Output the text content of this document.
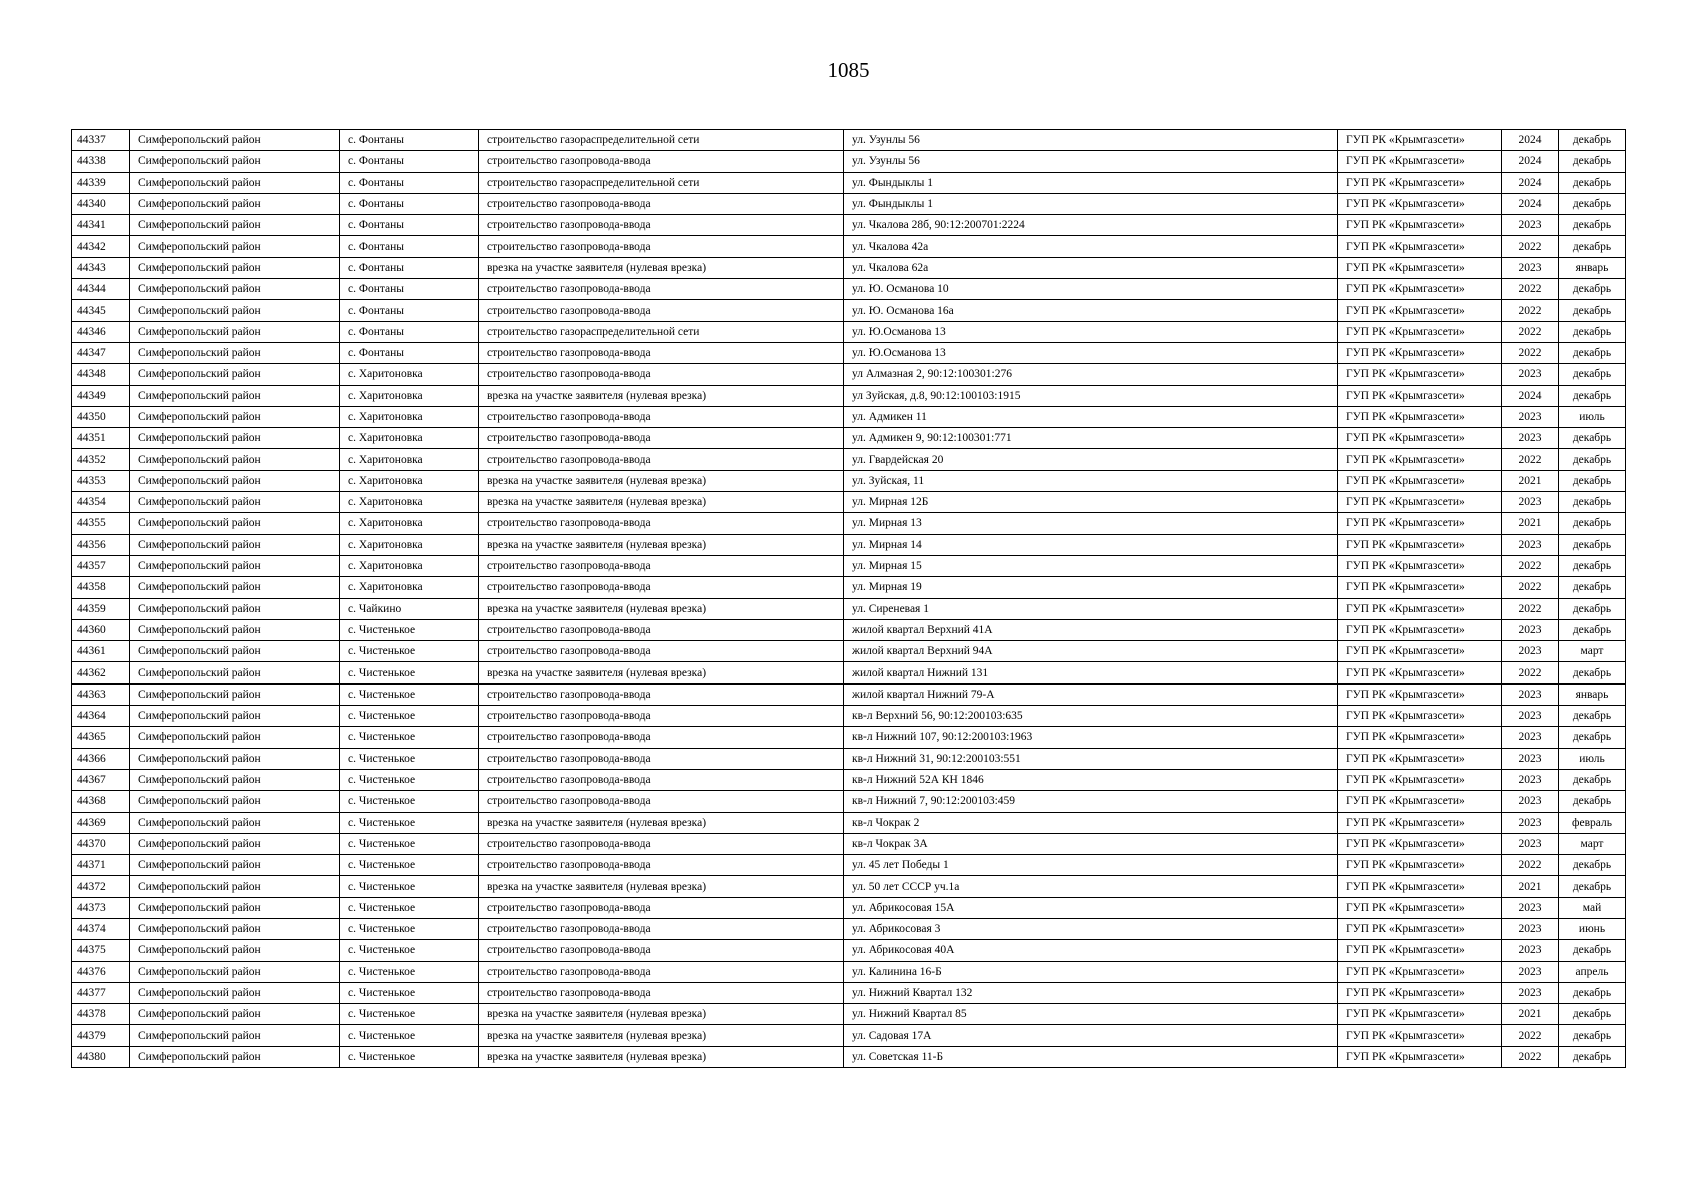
1085
44337	Симферопольский район	с. Фонтаны	строительство газораспределительной сети	ул. Узунлы 56	ГУП РК «Крымгазсети»	2024	декабрь
44338	Симферопольский район	с. Фонтаны	строительство газопровода-ввода	ул. Узунлы 56	ГУП РК «Крымгазсети»	2024	декабрь
44339	Симферопольский район	с. Фонтаны	строительство газораспределительной сети	ул. Фындыклы 1	ГУП РК «Крымгазсети»	2024	декабрь
44340	Симферопольский район	с. Фонтаны	строительство газопровода-ввода	ул. Фындыклы 1	ГУП РК «Крымгазсети»	2024	декабрь
44341	Симферопольский район	с. Фонтаны	строительство газопровода-ввода	ул. Чкалова 28б, 90:12:200701:2224	ГУП РК «Крымгазсети»	2023	декабрь
44342	Симферопольский район	с. Фонтаны	строительство газопровода-ввода	ул. Чкалова 42а	ГУП РК «Крымгазсети»	2022	декабрь
44343	Симферопольский район	с. Фонтаны	врезка на участке заявителя (нулевая врезка)	ул. Чкалова 62а	ГУП РК «Крымгазсети»	2023	январь
44344	Симферопольский район	с. Фонтаны	строительство газопровода-ввода	ул. Ю. Османова 10	ГУП РК «Крымгазсети»	2022	декабрь
44345	Симферопольский район	с. Фонтаны	строительство газопровода-ввода	ул. Ю. Османова 16а	ГУП РК «Крымгазсети»	2022	декабрь
44346	Симферопольский район	с. Фонтаны	строительство газораспределительной сети	ул. Ю.Османова 13	ГУП РК «Крымгазсети»	2022	декабрь
44347	Симферопольский район	с. Фонтаны	строительство газопровода-ввода	ул. Ю.Османова 13	ГУП РК «Крымгазсети»	2022	декабрь
44348	Симферопольский район	с. Харитоновка	строительство газопровода-ввода	ул Алмазная 2, 90:12:100301:276	ГУП РК «Крымгазсети»	2023	декабрь
44349	Симферопольский район	с. Харитоновка	врезка на участке заявителя (нулевая врезка)	ул Зуйская, д.8, 90:12:100103:1915	ГУП РК «Крымгазсети»	2024	декабрь
44350	Симферопольский район	с. Харитоновка	строительство газопровода-ввода	ул. Адмикен 11	ГУП РК «Крымгазсети»	2023	июль
44351	Симферопольский район	с. Харитоновка	строительство газопровода-ввода	ул. Адмикен 9, 90:12:100301:771	ГУП РК «Крымгазсети»	2023	декабрь
44352	Симферопольский район	с. Харитоновка	строительство газопровода-ввода	ул. Гвардейская 20	ГУП РК «Крымгазсети»	2022	декабрь
44353	Симферопольский район	с. Харитоновка	врезка на участке заявителя (нулевая врезка)	ул. Зуйская, 11	ГУП РК «Крымгазсети»	2021	декабрь
44354	Симферопольский район	с. Харитоновка	врезка на участке заявителя (нулевая врезка)	ул. Мирная 12Б	ГУП РК «Крымгазсети»	2023	декабрь
44355	Симферопольский район	с. Харитоновка	строительство газопровода-ввода	ул. Мирная 13	ГУП РК «Крымгазсети»	2021	декабрь
44356	Симферопольский район	с. Харитоновка	врезка на участке заявителя (нулевая врезка)	ул. Мирная 14	ГУП РК «Крымгазсети»	2023	декабрь
44357	Симферопольский район	с. Харитоновка	строительство газопровода-ввода	ул. Мирная 15	ГУП РК «Крымгазсети»	2022	декабрь
44358	Симферопольский район	с. Харитоновка	строительство газопровода-ввода	ул. Мирная 19	ГУП РК «Крымгазсети»	2022	декабрь
44359	Симферопольский район	с. Чайкино	врезка на участке заявителя (нулевая врезка)	ул. Сиреневая 1	ГУП РК «Крымгазсети»	2022	декабрь
44360	Симферопольский район	с. Чистенькое	строительство газопровода-ввода	жилой квартал Верхний 41А	ГУП РК «Крымгазсети»	2023	декабрь
44361	Симферопольский район	с. Чистенькое	строительство газопровода-ввода	жилой квартал Верхний 94А	ГУП РК «Крымгазсети»	2023	март
44362	Симферопольский район	с. Чистенькое	врезка на участке заявителя (нулевая врезка)	жилой квартал Нижний 131	ГУП РК «Крымгазсети»	2022	декабрь
44363	Симферопольский район	с. Чистенькое	строительство газопровода-ввода	жилой квартал Нижний 79-А	ГУП РК «Крымгазсети»	2023	январь
44364	Симферопольский район	с. Чистенькое	строительство газопровода-ввода	кв-л Верхний 56, 90:12:200103:635	ГУП РК «Крымгазсети»	2023	декабрь
44365	Симферопольский район	с. Чистенькое	строительство газопровода-ввода	кв-л Нижний 107, 90:12:200103:1963	ГУП РК «Крымгазсети»	2023	декабрь
44366	Симферопольский район	с. Чистенькое	строительство газопровода-ввода	кв-л Нижний 31, 90:12:200103:551	ГУП РК «Крымгазсети»	2023	июль
44367	Симферопольский район	с. Чистенькое	строительство газопровода-ввода	кв-л Нижний 52А КН 1846	ГУП РК «Крымгазсети»	2023	декабрь
44368	Симферопольский район	с. Чистенькое	строительство газопровода-ввода	кв-л Нижний 7, 90:12:200103:459	ГУП РК «Крымгазсети»	2023	декабрь
44369	Симферопольский район	с. Чистенькое	врезка на участке заявителя (нулевая врезка)	кв-л Чокрак 2	ГУП РК «Крымгазсети»	2023	февраль
44370	Симферопольский район	с. Чистенькое	строительство газопровода-ввода	кв-л Чокрак 3А	ГУП РК «Крымгазсети»	2023	март
44371	Симферопольский район	с. Чистенькое	строительство газопровода-ввода	ул. 45 лет Победы 1	ГУП РК «Крымгазсети»	2022	декабрь
44372	Симферопольский район	с. Чистенькое	врезка на участке заявителя (нулевая врезка)	ул. 50 лет СССР уч.1а	ГУП РК «Крымгазсети»	2021	декабрь
44373	Симферопольский район	с. Чистенькое	строительство газопровода-ввода	ул. Абрикосовая 15А	ГУП РК «Крымгазсети»	2023	май
44374	Симферопольский район	с. Чистенькое	строительство газопровода-ввода	ул. Абрикосовая 3	ГУП РК «Крымгазсети»	2023	июнь
44375	Симферопольский район	с. Чистенькое	строительство газопровода-ввода	ул. Абрикосовая 40А	ГУП РК «Крымгазсети»	2023	декабрь
44376	Симферопольский район	с. Чистенькое	строительство газопровода-ввода	ул. Калинина 16-Б	ГУП РК «Крымгазсети»	2023	апрель
44377	Симферопольский район	с. Чистенькое	строительство газопровода-ввода	ул. Нижний Квартал 132	ГУП РК «Крымгазсети»	2023	декабрь
44378	Симферопольский район	с. Чистенькое	врезка на участке заявителя (нулевая врезка)	ул. Нижний Квартал 85	ГУП РК «Крымгазсети»	2021	декабрь
44379	Симферопольский район	с. Чистенькое	врезка на участке заявителя (нулевая врезка)	ул. Садовая 17А	ГУП РК «Крымгазсети»	2022	декабрь
44380	Симферопольский район	с. Чистенькое	врезка на участке заявителя (нулевая врезка)	ул. Советская 11-Б	ГУП РК «Крымгазсети»	2022	декабрь
